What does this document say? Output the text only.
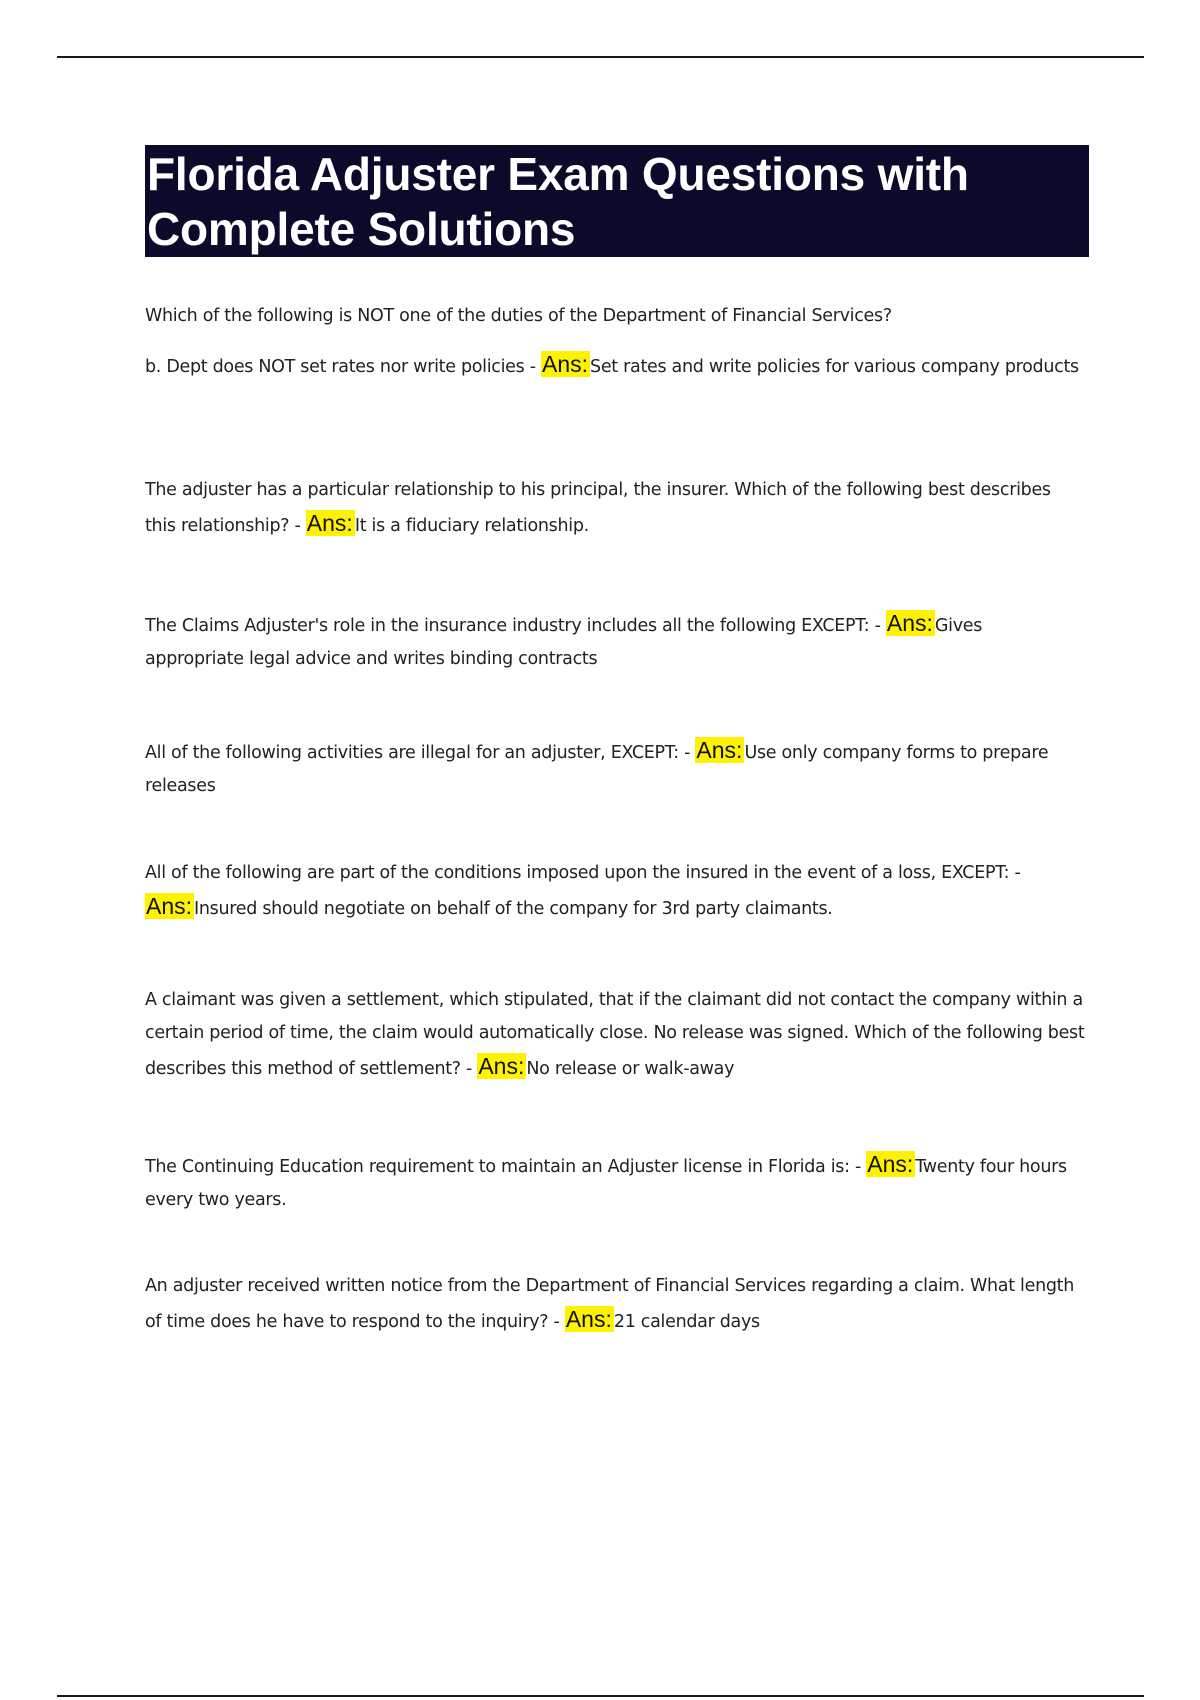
Florida Adjuster Exam Questions with Complete Solutions

Which of the following is NOT one of the duties of the Department of Financial Services?

b. Dept does NOT set rates nor write policies - Ans: Set rates and write policies for various company products

The adjuster has a particular relationship to his principal, the insurer. Which of the following best describes this relationship? - Ans: It is a fiduciary relationship.

The Claims Adjuster's role in the insurance industry includes all the following EXCEPT: - Ans: Gives appropriate legal advice and writes binding contracts

All of the following activities are illegal for an adjuster, EXCEPT: - Ans: Use only company forms to prepare releases

All of the following are part of the conditions imposed upon the insured in the event of a loss, EXCEPT: - Ans: Insured should negotiate on behalf of the company for 3rd party claimants.

A claimant was given a settlement, which stipulated, that if the claimant did not contact the company within a certain period of time, the claim would automatically close. No release was signed. Which of the following best describes this method of settlement? - Ans: No release or walk-away

The Continuing Education requirement to maintain an Adjuster license in Florida is: - Ans: Twenty four hours every two years.

An adjuster received written notice from the Department of Financial Services regarding a claim. What length of time does he have to respond to the inquiry? - Ans: 21 calendar days
